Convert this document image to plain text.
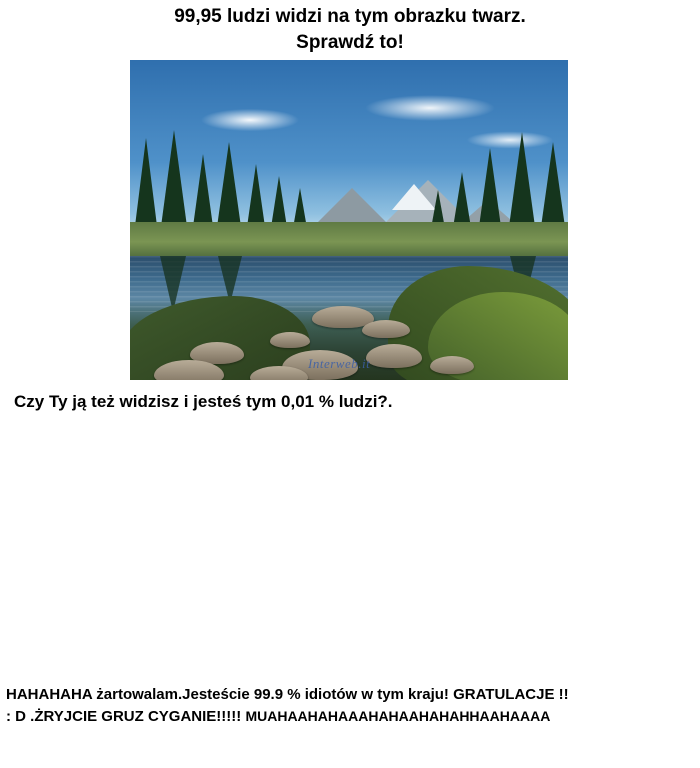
99,95 ludzi widzi na tym obrazku twarz.
Sprawdź to!
Interweb.it
Czy Ty ją też widzisz i jesteś tym 0,01 % ludzi?.
HAHAHAHA żartowalam.Jesteście 99.9 % idiotów w tym kraju! GRATULACJE !!
: D .ŻRYJCIE GRUZ CYGANIE!!!!! MUAHAAHAHAAAHAHAAHAHAHHAAHAAAA
